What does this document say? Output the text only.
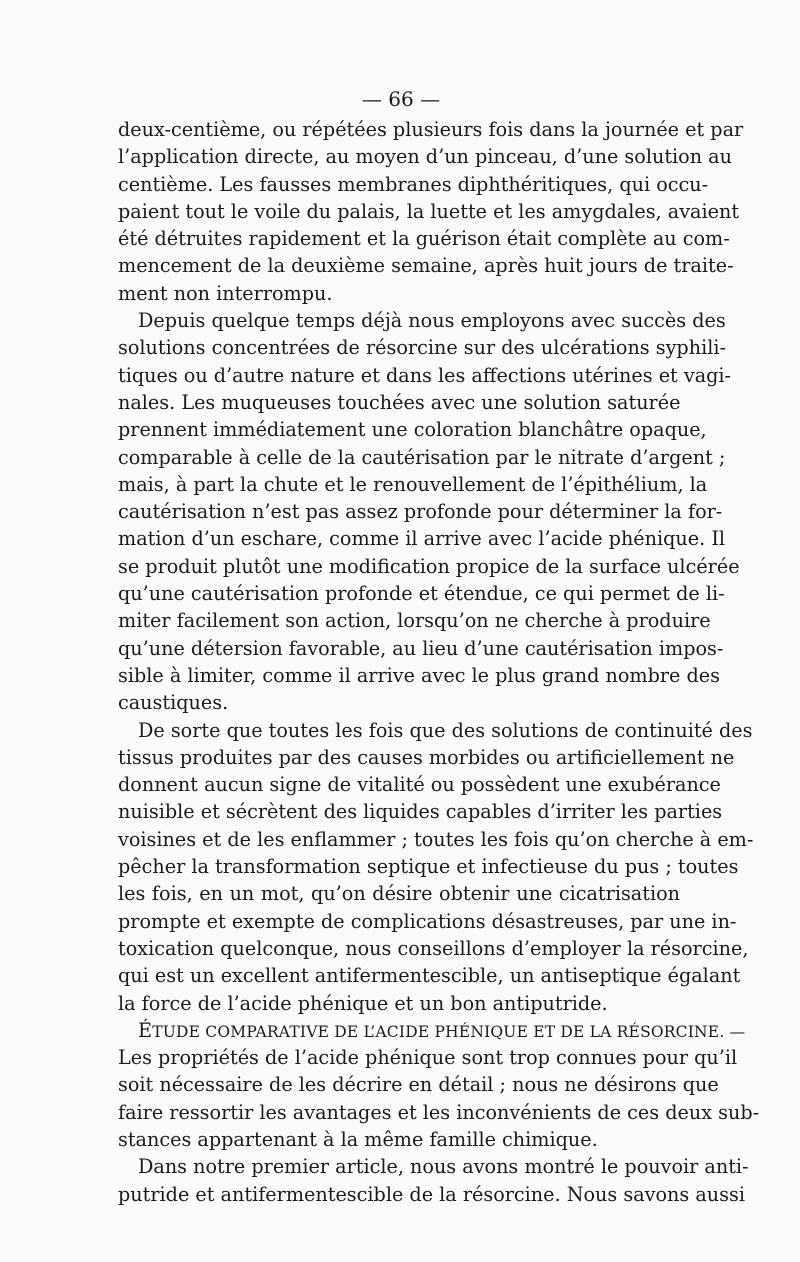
— 66 —
deux-centième, ou répétées plusieurs fois dans la journée et par
l’application directe, au moyen d’un pinceau, d’une solution au
centième. Les fausses membranes diphthéritiques, qui occu-
paient tout le voile du palais, la luette et les amygdales, avaient
été détruites rapidement et la guérison était complète au com-
mencement de la deuxième semaine, après huit jours de traite-
ment non interrompu.
Depuis quelque temps déjà nous employons avec succès des
solutions concentrées de résorcine sur des ulcérations syphili-
tiques ou d’autre nature et dans les affections utérines et vagi-
nales. Les muqueuses touchées avec une solution saturée
prennent immédiatement une coloration blanchâtre opaque,
comparable à celle de la cautérisation par le nitrate d’argent ;
mais, à part la chute et le renouvellement de l’épithélium, la
cautérisation n’est pas assez profonde pour déterminer la for-
mation d’un eschare, comme il arrive avec l’acide phénique. Il
se produit plutôt une modification propice de la surface ulcérée
qu’une cautérisation profonde et étendue, ce qui permet de li-
miter facilement son action, lorsqu’on ne cherche à produire
qu’une détersion favorable, au lieu d’une cautérisation impos-
sible à limiter, comme il arrive avec le plus grand nombre des
caustiques.
De sorte que toutes les fois que des solutions de continuité des
tissus produites par des causes morbides ou artificiellement ne
donnent aucun signe de vitalité ou possèdent une exubérance
nuisible et sécrètent des liquides capables d’irriter les parties
voisines et de les enflammer ; toutes les fois qu’on cherche à em-
pêcher la transformation septique et infectieuse du pus ; toutes
les fois, en un mot, qu’on désire obtenir une cicatrisation
prompte et exempte de complications désastreuses, par une in-
toxication quelconque, nous conseillons d’employer la résorcine,
qui est un excellent antifermentescible, un antiseptique égalant
la force de l’acide phénique et un bon antiputride.
ÉTUDE COMPARATIVE DE L’ACIDE PHÉNIQUE ET DE LA RÉSORCINE. —
Les propriétés de l’acide phénique sont trop connues pour qu’il
soit nécessaire de les décrire en détail ; nous ne désirons que
faire ressortir les avantages et les inconvénients de ces deux sub-
stances appartenant à la même famille chimique.
Dans notre premier article, nous avons montré le pouvoir anti-
putride et antifermentescible de la résorcine. Nous savons aussi
